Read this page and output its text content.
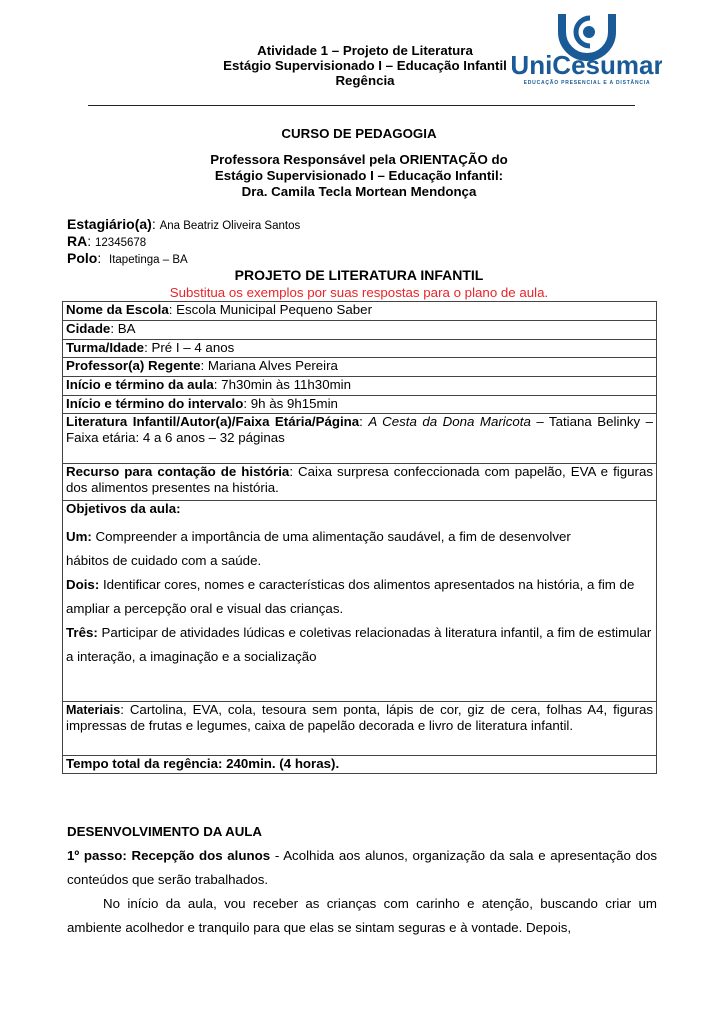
Atividade 1 – Projeto de Literatura
Estágio Supervisionado I – Educação Infantil
Regência
UniCesumar
EDUCAÇÃO PRESENCIAL E A DISTÂNCIA
CURSO DE PEDAGOGIA
Professora Responsável pela ORIENTAÇÃO do
Estágio Supervisionado I – Educação Infantil:
Dra. Camila Tecla Mortean Mendonça
Estagiário(a): Ana Beatriz Oliveira Santos
RA: 12345678
Polo:  Itapetinga – BA
PROJETO DE LITERATURA INFANTIL
Substitua os exemplos por suas respostas para o plano de aula.
Nome da Escola: Escola Municipal Pequeno Saber
Cidade: BA
Turma/Idade: Pré I – 4 anos
Professor(a) Regente: Mariana Alves Pereira
Início e término da aula: 7h30min às 11h30min
Início e término do intervalo: 9h às 9h15min
Literatura Infantil/Autor(a)/Faixa Etária/Página: A Cesta da Dona Maricota – Tatiana Belinky – Faixa etária: 4 a 6 anos – 32 páginas
Recurso para contação de história: Caixa surpresa confeccionada com papelão, EVA e figuras dos alimentos presentes na história.

Objetivos da aula:

Um: Compreender a importância de uma alimentação saudável, a fim de desenvolver hábitos de cuidado com a saúde.

Dois: Identificar cores, nomes e características dos alimentos apresentados na história, a fim de ampliar a percepção oral e visual das crianças.

Três: Participar de atividades lúdicas e coletivas relacionadas à literatura infantil, a fim de estimular a interação, a imaginação e a socialização

Materiais: Cartolina, EVA, cola, tesoura sem ponta, lápis de cor, giz de cera, folhas A4, figuras impressas de frutas e legumes, caixa de papelão decorada e livro de literatura infantil.
Tempo total da regência: 240min. (4 horas).
DESENVOLVIMENTO DA AULA
1º passo: Recepção dos alunos - Acolhida aos alunos, organização da sala e apresentação dos conteúdos que serão trabalhados.
No início da aula, vou receber as crianças com carinho e atenção, buscando criar um ambiente acolhedor e tranquilo para que elas se sintam seguras e à vontade. Depois,
